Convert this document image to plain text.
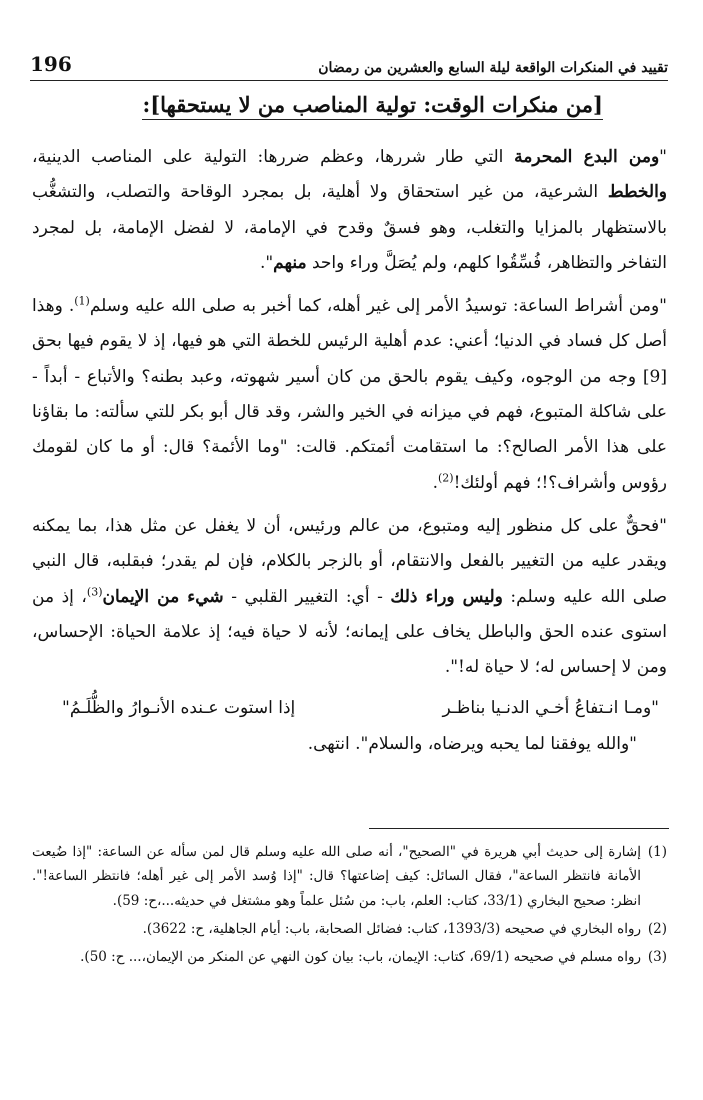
196	تقييد في المنكرات الواقعة ليلة السابع والعشرين من رمضان
[من منكرات الوقت: تولية المناصب من لا يستحقها]:

"ومن البدع المحرمة التي طار شررها، وعظم ضررها: التولية على المناصب الدينية، والخطط الشرعية، من غير استحقاق ولا أهلية، بل بمجرد الوقاحة والتصلب، والتشغُّب بالاستظهار بالمزايا والتغلب، وهو فسقٌ وقدح في الإمامة، لا لفضل الإمامة، بل لمجرد التفاخر والتظاهر، فُسِّقُوا كلهم، ولم يُصَلَّ وراء واحد منهم".

"ومن أشراط الساعة: توسيدُ الأمر إلى غير أهله، كما أخبر به صلى الله عليه وسلم$^{(1)}$. وهذا أصل كل فساد في الدنيا؛ أعني: عدم أهلية الرئيس للخطة التي هو فيها، إذ لا يقوم فيها بحق [9] وجه من الوجوه، وكيف يقوم بالحق من كان أسير شهوته، وعبد بطنه؟ والأتباع - أبداً - على شاكلة المتبوع، فهم في ميزانه في الخير والشر، وقد قال أبو بكر للتي سألته: ما بقاؤنا على هذا الأمر الصالح؟: ما استقامت أئمتكم. قالت: "وما الأئمة؟ قال: أو ما كان لقومك رؤوس وأشراف؟!؛ فهم أولئك!$^{(2)}$.

"فحقٌّ على كل منظور إليه ومتبوع، من عالم ورئيس، أن لا يغفل عن مثل هذا، بما يمكنه ويقدر عليه من التغيير بالفعل والانتقام، أو بالزجر بالكلام، فإن لم يقدر؛ فبقلبه، قال النبي صلى الله عليه وسلم: وليس وراء ذلك - أي: التغيير القلبي - شيء من الإيمان$^{(3)}$، إذ من استوى عنده الحق والباطل يخاف على إيمانه؛ لأنه لا حياة فيه؛ إذ علامة الحياة: الإحساس، ومن لا إحساس له؛ لا حياة له!".

"ومـا انـتفاعُ أخـي الدنـيا بناظـر
إذا استوت عـنده الأنـوارُ والظُّلَـمُ"
"والله يوفقنا لما يحبه ويرضاه، والسلام". انتهى.
(1)
إشارة إلى حديث أبي هريرة في "الصحيح"، أنه صلى الله عليه وسلم قال لمن سأله عن الساعة: "إذا ضُيعت الأمانة فانتظر الساعة"، فقال السائل: كيف إضاعتها؟ قال: "إذا وُسد الأمر إلى غير أهله؛ فانتظر الساعة!". انظر: صحيح البخاري (33/1، كتاب: العلم، باب: من سُئل علماً وهو مشتغل في حديثه...،ح: 59).
(2)
رواه البخاري في صحيحه (1393/3، كتاب: فضائل الصحابة، باب: أيام الجاهلية، ح: 3622).
(3)
رواه مسلم في صحيحه (69/1، كتاب: الإيمان، باب: بيان كون النهي عن المنكر من الإيمان،... ح: 50).
